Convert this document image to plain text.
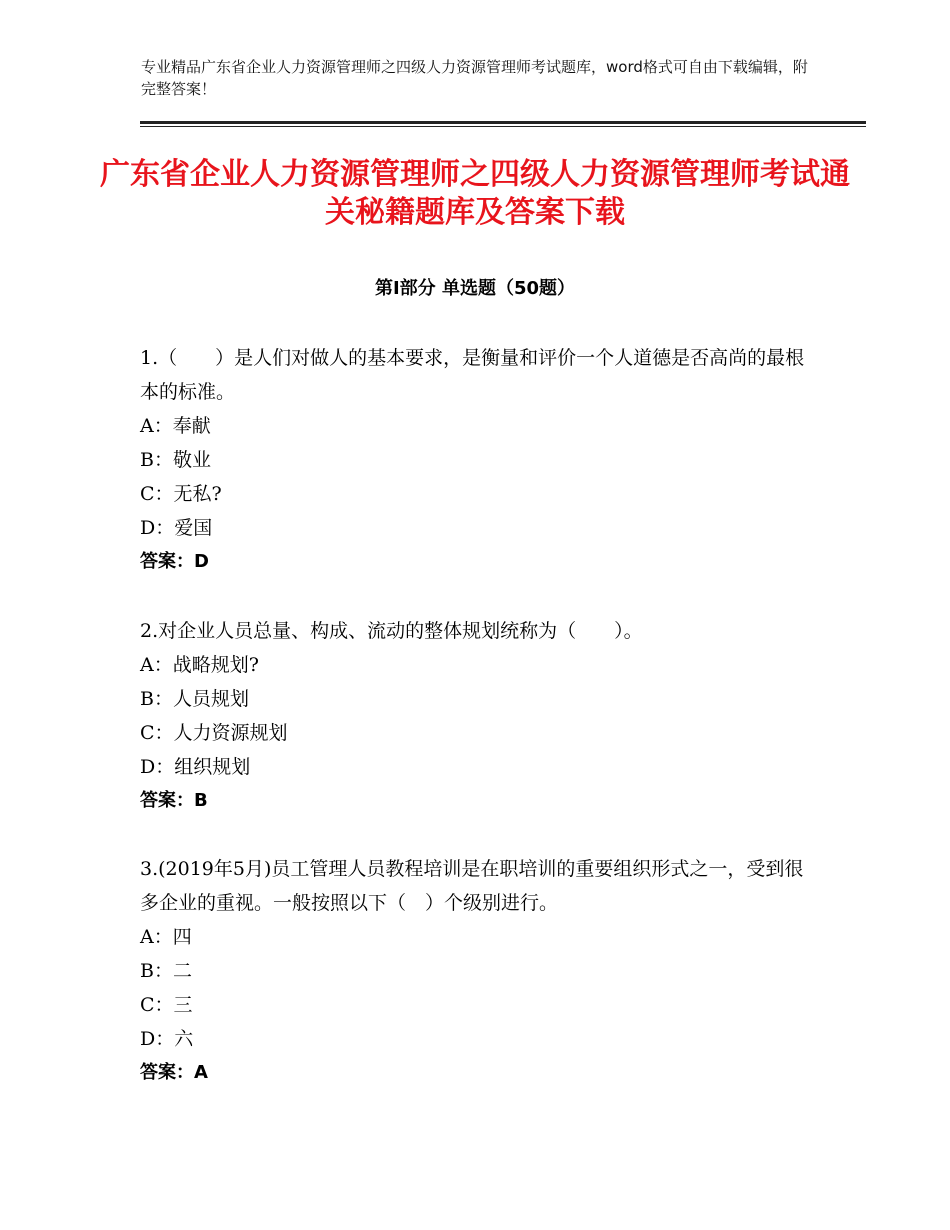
专业精品广东省企业人力资源管理师之四级人力资源管理师考试题库，word格式可自由下载编辑，附完整答案！
广东省企业人力资源管理师之四级人力资源管理师考试通关秘籍题库及答案下载
第Ⅰ部分 单选题（50题）

1.（　　）是人们对做人的基本要求，是衡量和评价一个人道德是否高尚的最根本的标准。

A：奉献

B：敬业

C：无私?

D：爱国

答案：D

2.对企业人员总量、构成、流动的整体规划统称为（　　）。

A：战略规划?

B：人员规划

C：人力资源规划

D：组织规划

答案：B

3.(2019年5月)员工管理人员教程培训是在职培训的重要组织形式之一，受到很多企业的重视。一般按照以下（　）个级别进行。

A：四

B：二

C：三

D：六

答案：A
